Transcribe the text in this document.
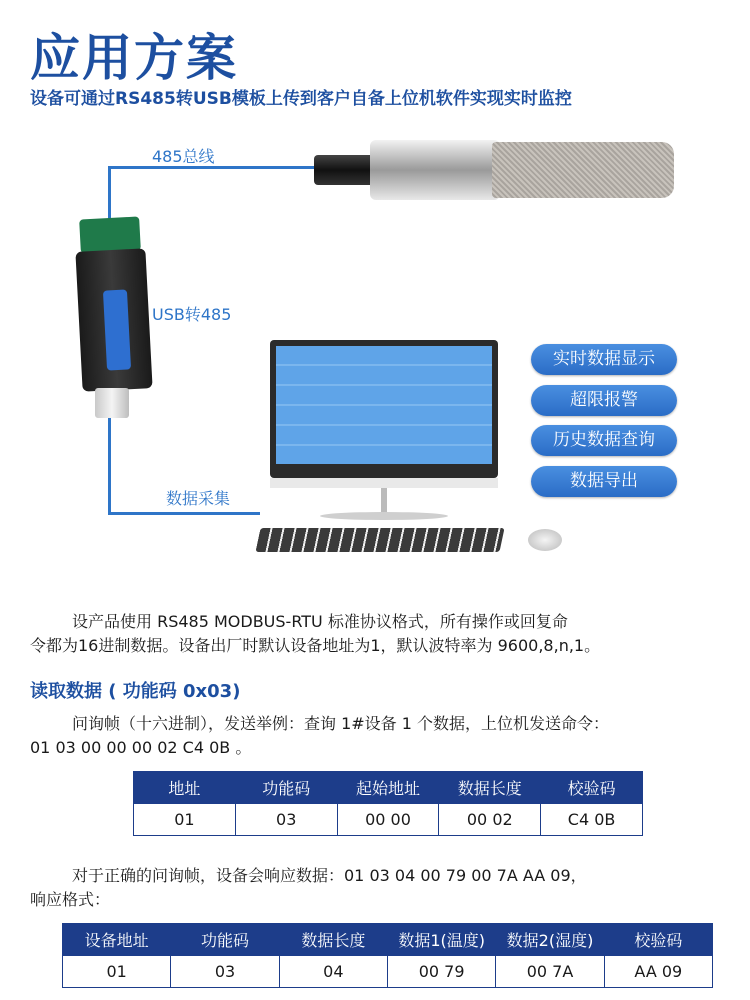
应用方案
设备可通过RS485转USB模板上传到客户自备上位机软件实现实时监控
485总线
USB转485
数据采集
实时数据显示
超限报警
历史数据查询
数据导出
设产品使用 RS485 MODBUS-RTU 标准协议格式，所有操作或回复命
令都为16进制数据。设备出厂时默认设备地址为1，默认波特率为 9600,8,n,1。
读取数据 ( 功能码 0x03)
问询帧（十六进制），发送举例：查询 1#设备 1 个数据，上位机发送命令：
01 03 00 00 00 02 C4 0B 。
地址	功能码	起始地址	数据长度	校验码
01	03	00 00	00 02	C4 0B
对于正确的问询帧，设备会响应数据：01 03 04 00 79 00 7A AA 09，
响应格式：
设备地址	功能码	数据长度	数据1(温度)	数据2(湿度)	校验码
01	03	04	00 79	00 7A	AA 09
